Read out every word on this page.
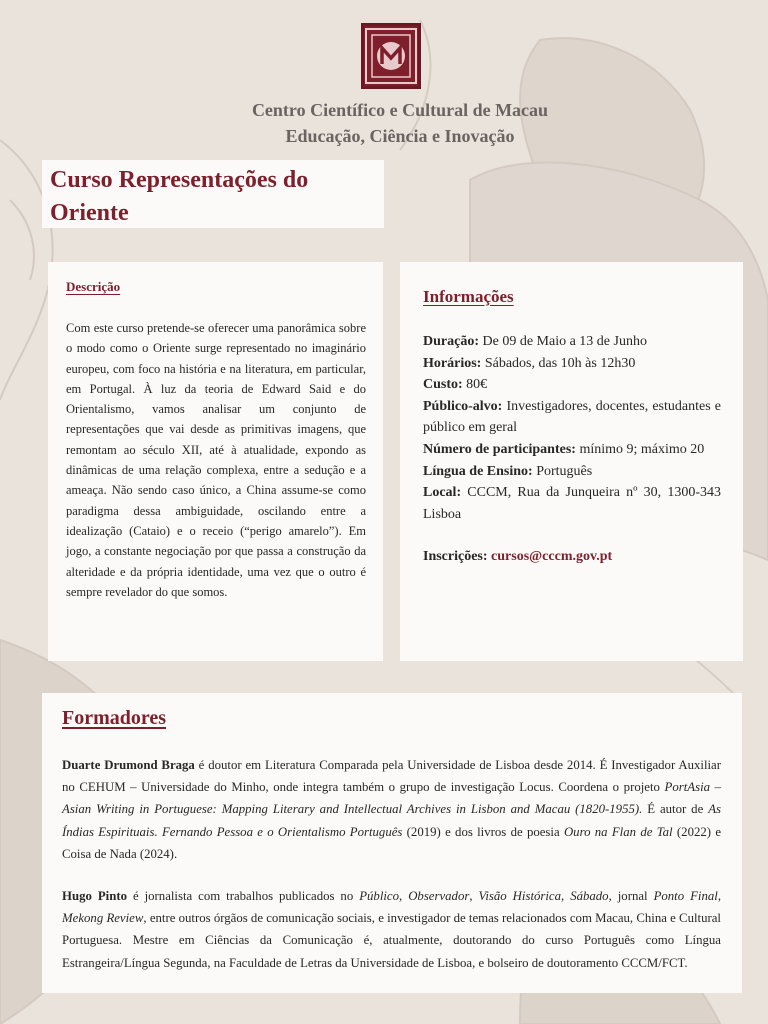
Centro Científico e Cultural de Macau
Educação, Ciência e Inovação
Curso Representações do
Oriente
Descrição

Com este curso pretende-se oferecer uma panorâmica sobre o modo como o Oriente surge representado no imaginário europeu, com foco na história e na literatura, em particular, em Portugal. À luz da teoria de Edward Said e do Orientalismo, vamos analisar um conjunto de representações que vai desde as primitivas imagens, que remontam ao século XII, até à atualidade, expondo as dinâmicas de uma relação complexa, entre a sedução e a ameaça. Não sendo caso único, a China assume-se como paradigma dessa ambiguidade, oscilando entre a idealização (Cataio) e o receio (“perigo amarelo”). Em jogo, a constante negociação por que passa a construção da alteridade e da própria identidade, uma vez que o outro é sempre revelador do que somos.

Informações

Duração: De 09 de Maio a 13 de Junho

Horários: Sábados, das 10h às 12h30

Custo: 80€

Público-alvo: Investigadores, docentes, estudantes e público em geral

Número de participantes: mínimo 9; máximo 20

Língua de Ensino: Português

Local: CCCM, Rua da Junqueira nº 30, 1300-343 Lisboa

Inscrições: cursos@cccm.gov.pt

Formadores

Duarte Drumond Braga é doutor em Literatura Comparada pela Universidade de Lisboa desde 2014. É Investigador Auxiliar no CEHUM – Universidade do Minho, onde integra também o grupo de investigação Locus. Coordena o projeto PortAsia – Asian Writing in Portuguese: Mapping Literary and Intellectual Archives in Lisbon and Macau (1820-1955). É autor de As Índias Espirituais. Fernando Pessoa e o Orientalismo Português (2019) e dos livros de poesia Ouro na Flan de Tal (2022) e Coisa de Nada (2024).

Hugo Pinto é jornalista com trabalhos publicados no Público, Observador, Visão Histórica, Sábado, jornal Ponto Final, Mekong Review, entre outros órgãos de comunicação sociais, e investigador de temas relacionados com Macau, China e Cultural Portuguesa. Mestre em Ciências da Comunicação é, atualmente, doutorando do curso Português como Língua Estrangeira/Língua Segunda, na Faculdade de Letras da Universidade de Lisboa, e bolseiro de doutoramento CCCM/FCT.
